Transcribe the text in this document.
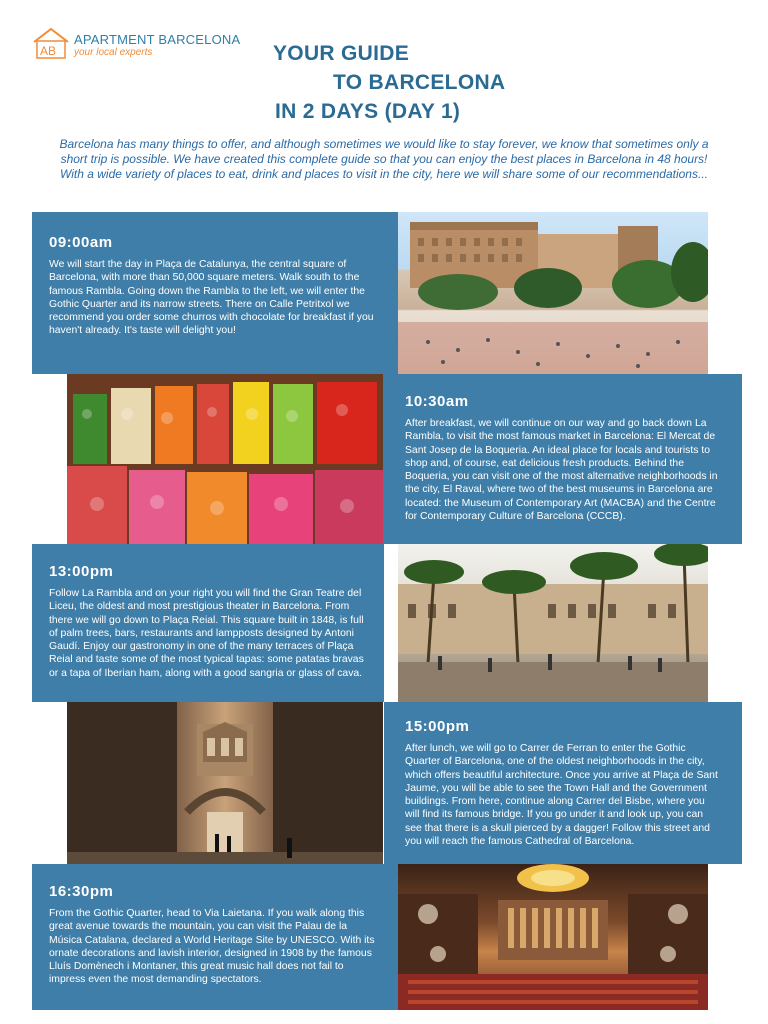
AB
APARTMENT BARCELONA
your local experts	YOUR GUIDE
TO BARCELONA
IN 2 DAYS (DAY 1)

Barcelona has many things to offer, and although sometimes we would like to stay forever, we know that sometimes only a short trip is possible. We have created this complete guide so that you can enjoy the best places in Barcelona in 48 hours! With a wide variety of places to eat, drink and places to visit in the city, here we will share some of our recommendations...

09:00am
We will start the day in Plaça de Catalunya, the central square of Barcelona, with more than 50,000 square meters. Walk south to the famous Rambla. Going down the Rambla to the left, we will enter the Gothic Quarter and its narrow streets. There on Calle Petritxol we recommend you order some churros with chocolate for breakfast if you haven't already. It's taste will delight you!
10:30am
After breakfast, we will continue on our way and go back down La Rambla, to visit the most famous market in Barcelona: El Mercat de Sant Josep de la Boqueria. An ideal place for locals and tourists to shop and, of course, eat delicious fresh products. Behind the Boqueria, you can visit one of the most alternative neighborhoods in the city, El Raval, where two of the best museums in Barcelona are located: the Museum of Contemporary Art (MACBA) and the Centre for Contemporary Culture of Barcelona (CCCB).
13:00pm
Follow La Rambla and on your right you will find the Gran Teatre del Liceu, the oldest and most prestigious theater in Barcelona. From there we will go down to Plaça Reial. This square built in 1848, is full of palm trees, bars, restaurants and lampposts designed by Antoni Gaudí. Enjoy our gastronomy in one of the many terraces of Plaça Reial and taste some of the most typical tapas: some patatas bravas or a tapa of Iberian ham, along with a good sangria or glass of cava.
15:00pm
After lunch, we will go to Carrer de Ferran to enter the Gothic Quarter of Barcelona, one of the oldest neighborhoods in the city, which offers beautiful architecture. Once you arrive at Plaça de Sant Jaume, you will be able to see the Town Hall and the Government buildings. From here, continue along Carrer del Bisbe, where you will find its famous bridge. If you go under it and look up, you can see that there is a skull pierced by a dagger! Follow this street and you will reach the famous Cathedral of Barcelona.
16:30pm
From the Gothic Quarter, head to Via Laietana. If you walk along this great avenue towards the mountain, you can visit the Palau de la Música Catalana, declared a World Heritage Site by UNESCO. With its ornate decorations and lavish interior, designed in 1908 by the famous Lluís Domènech i Montaner, this great music hall does not fail to impress even the most demanding spectators.
